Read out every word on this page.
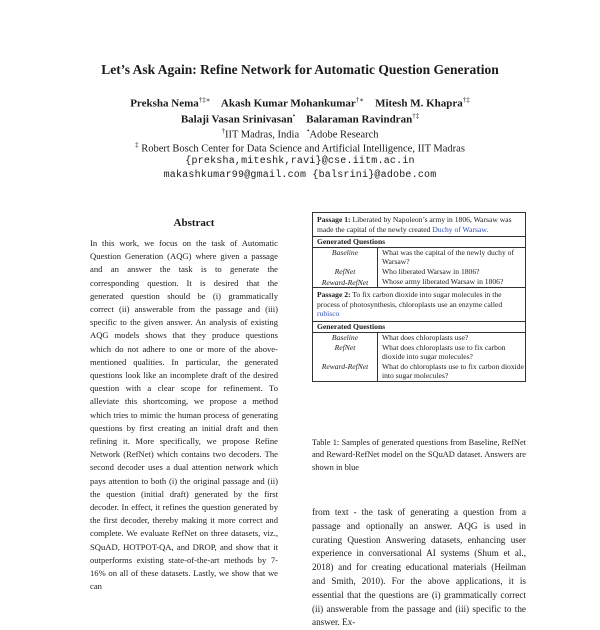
Let’s Ask Again: Refine Network for Automatic Question Generation
Preksha Nema†‡∗ Akash Kumar Mohankumar†∗ Mitesh M. Khapra†‡
Balaji Vasan Srinivasan• Balaraman Ravindran†‡
†IIT Madras, India •Adobe Research
‡ Robert Bosch Center for Data Science and Artificial Intelligence, IIT Madras
{preksha,miteshk,ravi}@cse.iitm.ac.in
makashkumar99@gmail.com {balsrini}@adobe.com
Abstract
In this work, we focus on the task of Automatic Question Generation (AQG) where given a passage and an answer the task is to generate the corresponding question. It is desired that the generated question should be (i) grammatically correct (ii) answerable from the passage and (iii) specific to the given answer. An analysis of existing AQG models shows that they produce questions which do not adhere to one or more of the above-mentioned qualities. In particular, the generated questions look like an incomplete draft of the desired question with a clear scope for refinement. To alleviate this shortcoming, we propose a method which tries to mimic the human process of generating questions by first creating an initial draft and then refining it. More specifically, we propose Refine Network (RefNet) which contains two decoders. The second decoder uses a dual attention network which pays attention to both (i) the original passage and (ii) the question (initial draft) generated by the first decoder. In effect, it refines the question generated by the first decoder, thereby making it more correct and complete. We evaluate RefNet on three datasets, viz., SQuAD, HOTPOT-QA, and DROP, and show that it outperforms existing state-of-the-art methods by 7-16% on all of these datasets. Lastly, we show that we can
Passage 1: Liberated by Napoleon’s army in 1806, Warsaw was made the capital of the newly created Duchy of Warsaw.
Generated Questions
Baseline	What was the capital of the newly duchy of Warsaw?
RefNet	Who liberated Warsaw in 1806?
Reward-RefNet	Whose army liberated Warsaw in 1806?
Passage 2: To fix carbon dioxide into sugar molecules in the process of photosynthesis, chloroplasts use an enzyme called rubisco
Generated Questions
Baseline	What does chloroplasts use?
RefNet	What does chloroplasts use to fix carbon dioxide into sugar molecules?
Reward-RefNet	What do chloroplasts use to fix carbon dioxide into sugar molecules?
Table 1: Samples of generated questions from Baseline, RefNet and Reward-RefNet model on the SQuAD dataset. Answers are shown in blue
from text - the task of generating a question from a passage and optionally an answer. AQG is used in curating Question Answering datasets, enhancing user experience in conversational AI systems (Shum et al., 2018) and for creating educational materials (Heilman and Smith, 2010). For the above applications, it is essential that the questions are (i) grammatically correct (ii) answerable from the passage and (iii) specific to the answer. Ex-
